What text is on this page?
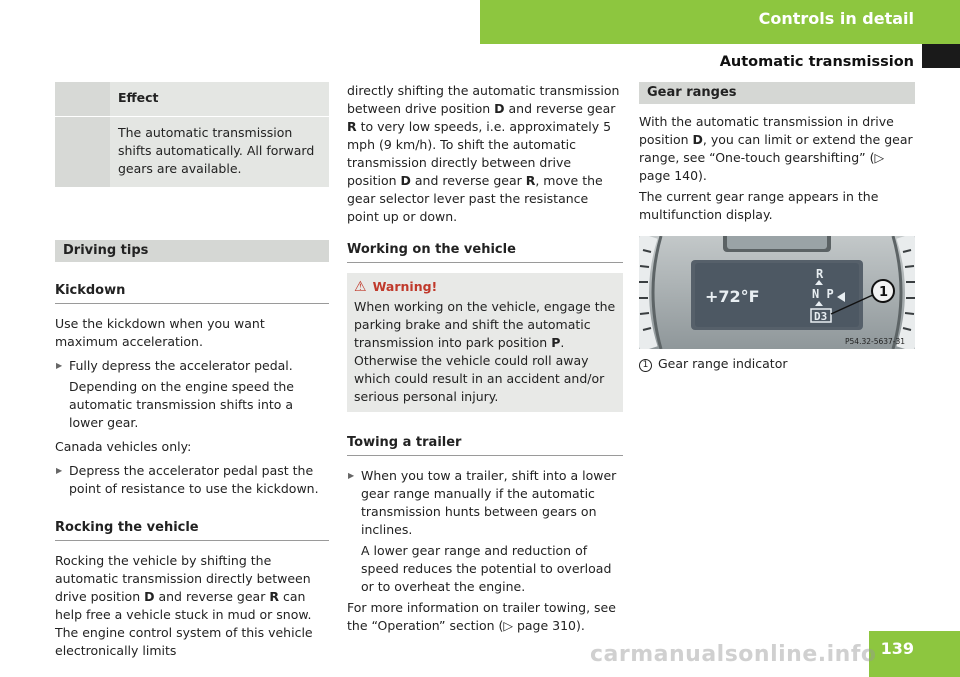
Controls in detail
Automatic transmission
Effect
The automatic transmission shifts automatically. All forward gears are available.
Driving tips
Kickdown

Use the kickdown when you want maximum acceleration.

▶ Fully depress the accelerator pedal.

Depending on the engine speed the automatic transmission shifts into a lower gear.

Canada vehicles only:

▶ Depress the accelerator pedal past the point of resistance to use the kickdown.

Rocking the vehicle

Rocking the vehicle by shifting the automatic transmission directly between drive position D and reverse gear R can help free a vehicle stuck in mud or snow. The engine control system of this vehicle electronically limits

directly shifting the automatic transmission between drive position D and reverse gear R to very low speeds, i.e. approximately 5 mph (9 km/h). To shift the automatic transmission directly between drive position D and reverse gear R, move the gear selector lever past the resistance point up or down.

Working on the vehicle
⚠ Warning!

When working on the vehicle, engage the parking brake and shift the automatic transmission into park position P. Otherwise the vehicle could roll away which could result in an accident and/or serious personal injury.

Towing a trailer

▶ When you tow a trailer, shift into a lower gear range manually if the automatic transmission hunts between gears on inclines.

A lower gear range and reduction of speed reduces the potential to overload or to overheat the engine.

For more information on trailer towing, see the “Operation” section (▷ page 310).

Gear ranges

With the automatic transmission in drive position D, you can limit or extend the gear range, see “One-touch gearshifting” (▷ page 140).

The current gear range appears in the multifunction display.

+72°F
R
N P
D3
1
P54.32-5637-31

1 Gear range indicator

139
carmanualsonline.info
